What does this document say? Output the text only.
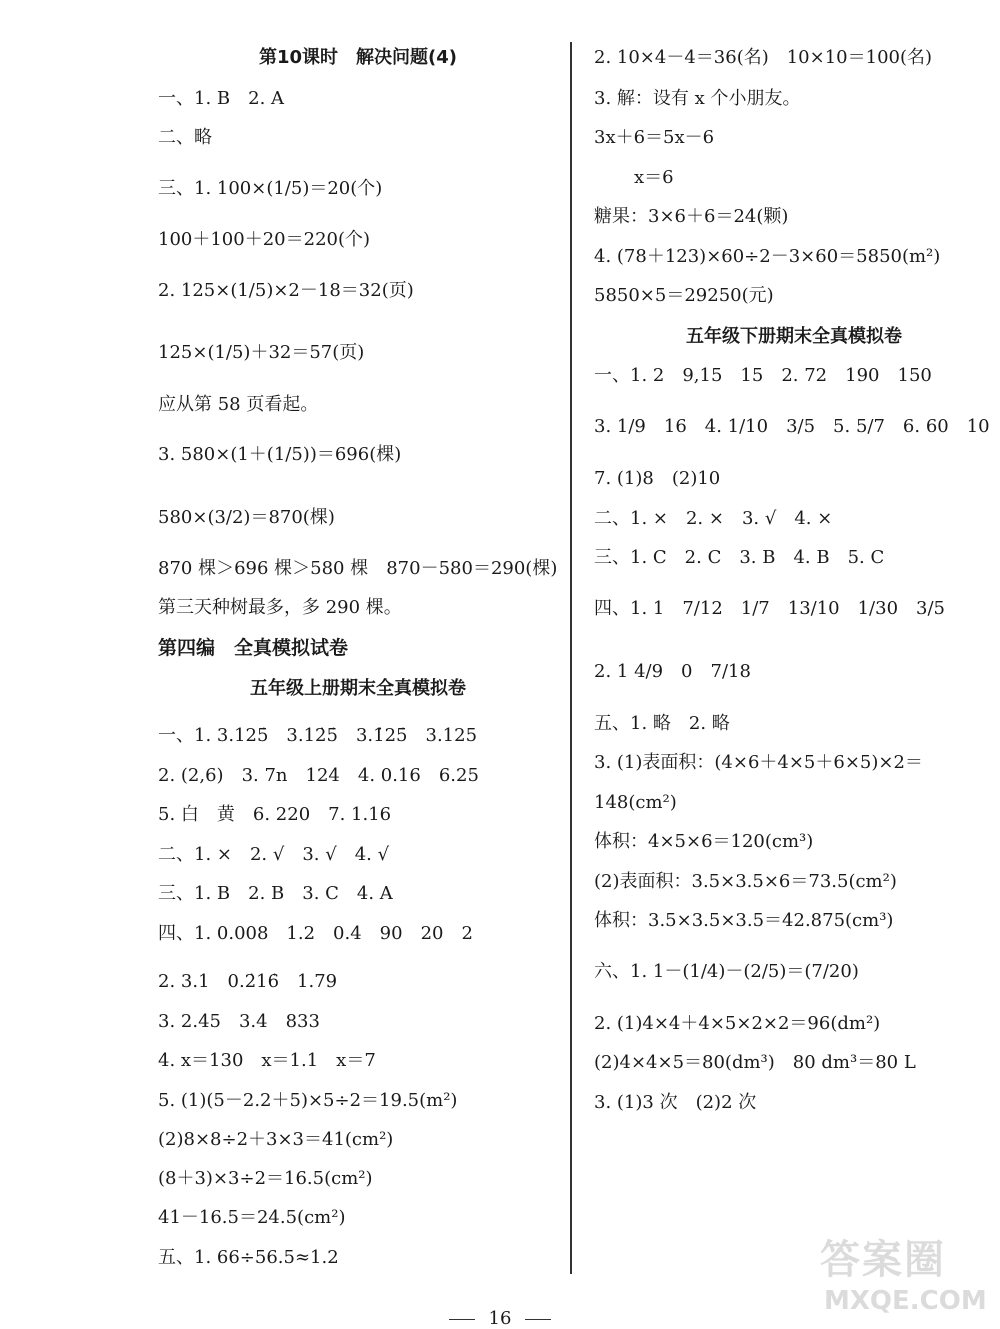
第10课时　解决问题(4)
一、1. B　2. A
二、略
三、1. 100×(1/5)＝20(个)
100＋100＋20＝220(个)
2. 125×(1/5)×2－18＝32(页)
125×(1/5)＋32＝57(页)
应从第 58 页看起。
3. 580×(1＋(1/5))＝696(棵)
580×(3/2)＝870(棵)
870 棵＞696 棵＞580 棵　870－580＝290(棵)
第三天种树最多，多 290 棵。
第四编　全真模拟试卷
五年级上册期末全真模拟卷
一、1. 3.125̇　3.12̇5̇　3.1̇25̇　3.125
2. (2,6)　3. 7n　124　4. 0.16　6.25
5. 白　黄　6. 220　7. 1.16
二、1. ×　2. √　3. √　4. √
三、1. B　2. B　3. C　4. A
四、1. 0.008　1.2　0.4　90　20　2
2. 3.1　0.2̇16̇　1.79
3. 2.45　3.4　833
4. x＝130　x＝1.1　x＝7
5. (1)(5－2.2＋5)×5÷2＝19.5(m²)
(2)8×8÷2＋3×3＝41(cm²)
(8＋3)×3÷2＝16.5(cm²)
41－16.5＝24.5(cm²)
五、1. 66÷56.5≈1.2
2. 10×4－4＝36(名)　10×10＝100(名)
3. 解：设有 x 个小朋友。
3x＋6＝5x－6
x＝6
糖果：3×6＋6＝24(颗)
4. (78＋123)×60÷2－3×60＝5850(m²)
5850×5＝29250(元)
五年级下册期末全真模拟卷
一、1. 2　9,15　15　2. 72　190　150
3. 1/9　16　4. 1/10　3/5　5. 5/7　6. 60　10
7. (1)8　(2)10
二、1. ×　2. ×　3. √　4. ×
三、1. C　2. C　3. B　4. B　5. C
四、1. 1　7/12　1/7　13/10　1/30　3/5
2. 1 4/9　0　7/18
五、1. 略　2. 略
3. (1)表面积：(4×6＋4×5＋6×5)×2＝
148(cm²)
体积：4×5×6＝120(cm³)
(2)表面积：3.5×3.5×6＝73.5(cm²)
体积：3.5×3.5×3.5＝42.875(cm³)
六、1. 1－(1/4)－(2/5)＝(7/20)
2. (1)4×4＋4×5×2×2＝96(dm²)
(2)4×4×5＝80(dm³)　80 dm³＝80 L
3. (1)3 次　(2)2 次
16
答案圈
MXQE.COM
